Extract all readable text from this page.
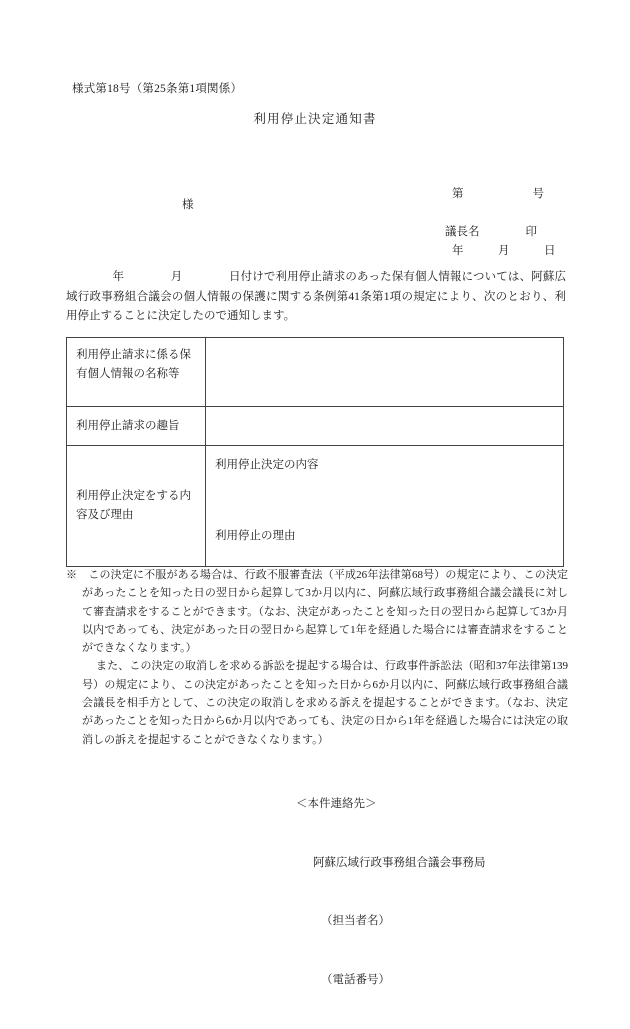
様式第18号（第25条第1項関係）
利用停止決定通知書

第　　　　　　号

年　　　月　　　日

様
議長名　　　　印
　　　　年　　　　月　　　　日付けで利用停止請求のあった保有個人情報については、阿蘇広域行政事務組合議会の個人情報の保護に関する条例第41条第1項の規定により、次のとおり、利用停止することに決定したので通知します。
利用停止請求に係る保有個人情報の名称等	
利用停止請求の趣旨	
利用停止決定をする内容及び理由	利用停止決定の内容

利用停止の理由

※　 この決定に不服がある場合は、行政不服審査法（平成26年法律第68号）の規定により、この決定があったことを知った日の翌日から起算して3か月以内に、阿蘇広域行政事務組合議会議長に対して審査請求をすることができます。（なお、決定があったことを知った日の翌日から起算して3か月以内であっても、決定があった日の翌日から起算して1年を経過した場合には審査請求をすることができなくなります。）

また、この決定の取消しを求める訴訟を提起する場合は、行政事件訴訟法（昭和37年法律第139号）の規定により、この決定があったことを知った日から6か月以内に、阿蘇広域行政事務組合議会議長を相手方として、この決定の取消しを求める訴えを提起することができます。（なお、決定があったことを知った日から6か月以内であっても、決定の日から1年を経過した場合には決定の取消しの訴えを提起することができなくなります。）

＜本件連絡先＞

阿蘇広域行政事務組合議会事務局

（担当者名）

（電話番号）
